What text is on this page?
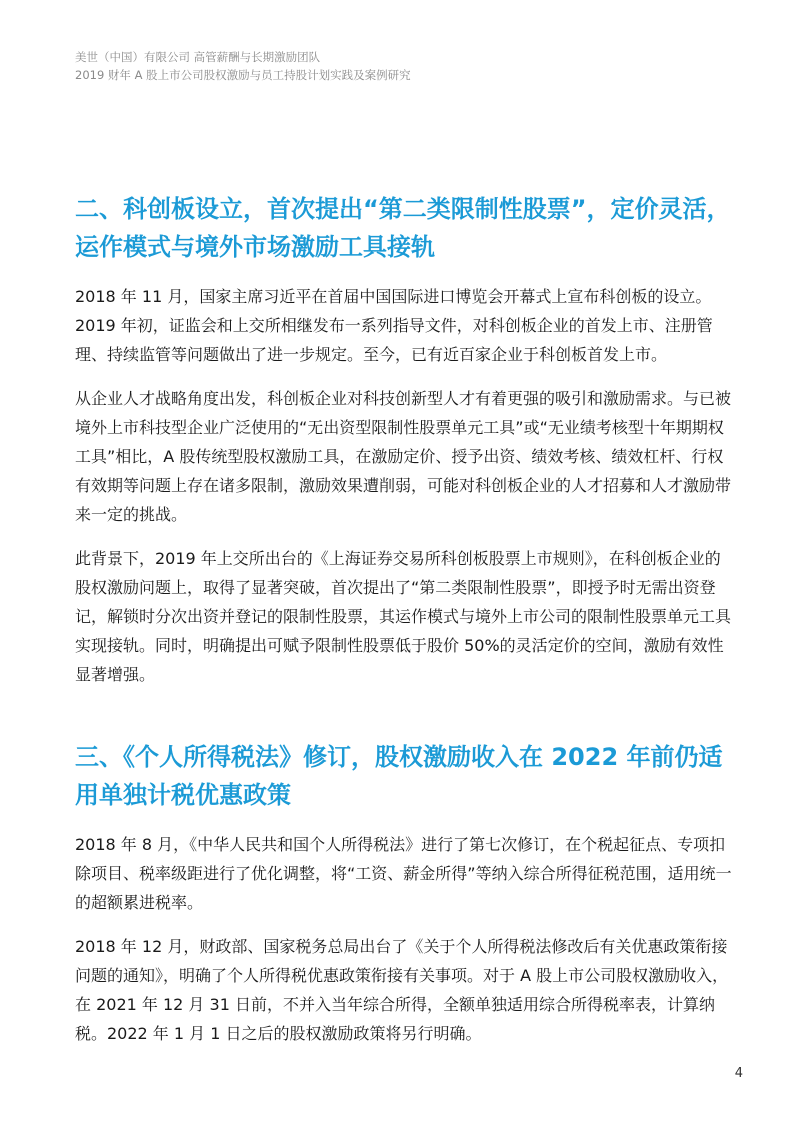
美世（中国）有限公司 高管薪酬与长期激励团队
2019 财年 A 股上市公司股权激励与员工持股计划实践及案例研究
二、科创板设立，首次提出“第二类限制性股票”，定价灵活，运作模式与境外市场激励工具接轨

2018 年 11 月，国家主席习近平在首届中国国际进口博览会开幕式上宣布科创板的设立。2019 年初，证监会和上交所相继发布一系列指导文件，对科创板企业的首发上市、注册管理、持续监管等问题做出了进一步规定。至今，已有近百家企业于科创板首发上市。

从企业人才战略角度出发，科创板企业对科技创新型人才有着更强的吸引和激励需求。与已被境外上市科技型企业广泛使用的“无出资型限制性股票单元工具”或“无业绩考核型十年期期权工具”相比，A 股传统型股权激励工具，在激励定价、授予出资、绩效考核、绩效杠杆、行权有效期等问题上存在诸多限制，激励效果遭削弱，可能对科创板企业的人才招募和人才激励带来一定的挑战。

此背景下，2019 年上交所出台的《上海证券交易所科创板股票上市规则》，在科创板企业的股权激励问题上，取得了显著突破，首次提出了“第二类限制性股票”，即授予时无需出资登记，解锁时分次出资并登记的限制性股票，其运作模式与境外上市公司的限制性股票单元工具实现接轨。同时，明确提出可赋予限制性股票低于股价 50%的灵活定价的空间，激励有效性显著增强。

三、《个人所得税法》修订，股权激励收入在 2022 年前仍适用单独计税优惠政策

2018 年 8 月，《中华人民共和国个人所得税法》进行了第七次修订，在个税起征点、专项扣除项目、税率级距进行了优化调整，将“工资、薪金所得”等纳入综合所得征税范围，适用统一的超额累进税率。

2018 年 12 月，财政部、国家税务总局出台了《关于个人所得税法修改后有关优惠政策衔接问题的通知》，明确了个人所得税优惠政策衔接有关事项。对于 A 股上市公司股权激励收入，在 2021 年 12 月 31 日前，不并入当年综合所得，全额单独适用综合所得税率表，计算纳税。2022 年 1 月 1 日之后的股权激励政策将另行明确。

4
